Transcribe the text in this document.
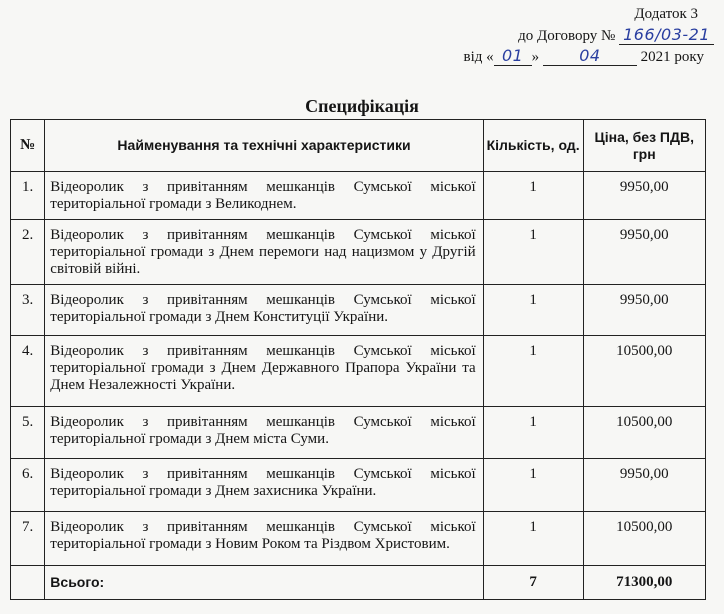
Додаток 3
до Договору № 166/03-21
від « 01 »	04	2021 року
Специфікація
№	Найменування та технічні характеристики	Кількість, од.	Ціна, без ПДВ, грн
1.	Відеоролик з привітанням мешканців Сумської міської територіальної громади з Великоднем.	1	9950,00
2.	Відеоролик з привітанням мешканців Сумської міської територіальної громади з Днем перемоги над нацизмом у Другій світовій війні.	1	9950,00
3.	Відеоролик з привітанням мешканців Сумської міської територіальної громади з Днем Конституції України.	1	9950,00
4.	Відеоролик з привітанням мешканців Сумської міської територіальної громади з Днем Державного Прапора України та Днем Незалежності України.	1	10500,00
5.	Відеоролик з привітанням мешканців Сумської міської територіальної громади з Днем міста Суми.	1	10500,00
6.	Відеоролик з привітанням мешканців Сумської міської територіальної громади з Днем захисника України.	1	9950,00
7.	Відеоролик з привітанням мешканців Сумської міської територіальної громади з Новим Роком та Різдвом Христовим.	1	10500,00
	Всього:	7	71300,00
